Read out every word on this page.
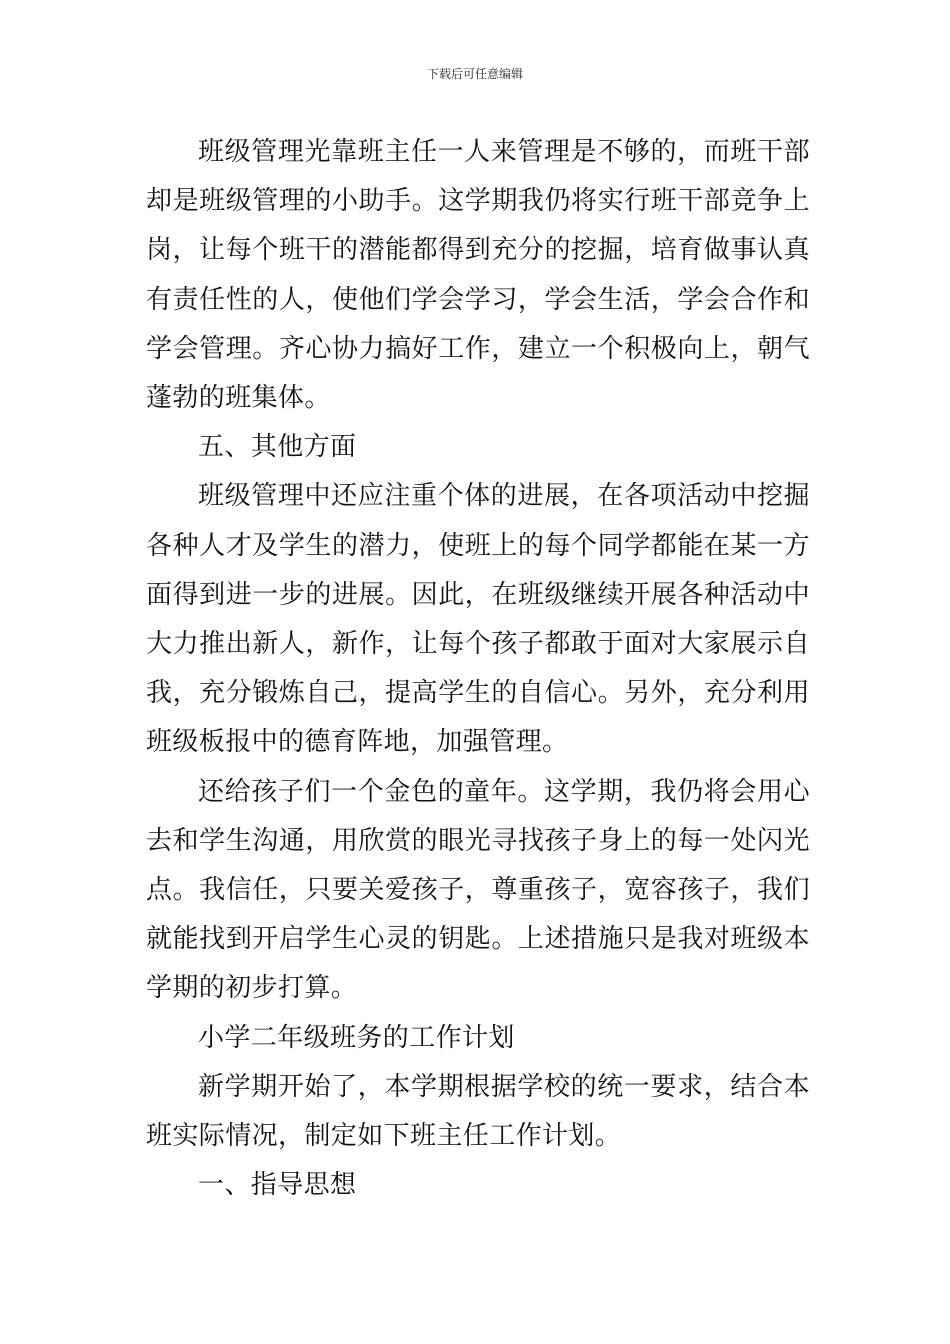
下载后可任意编辑

班级管理光靠班主任一人来管理是不够的，而班干部却是班级管理的小助手。这学期我仍将实行班干部竞争上岗，让每个班干的潜能都得到充分的挖掘，培育做事认真有责任性的人，使他们学会学习，学会生活，学会合作和学会管理。齐心协力搞好工作，建立一个积极向上，朝气蓬勃的班集体。

五、其他方面

班级管理中还应注重个体的进展，在各项活动中挖掘各种人才及学生的潜力，使班上的每个同学都能在某一方面得到进一步的进展。因此，在班级继续开展各种活动中大力推出新人，新作，让每个孩子都敢于面对大家展示自我，充分锻炼自己，提高学生的自信心。另外，充分利用班级板报中的德育阵地，加强管理。

还给孩子们一个金色的童年。这学期，我仍将会用心去和学生沟通，用欣赏的眼光寻找孩子身上的每一处闪光点。我信任，只要关爱孩子，尊重孩子，宽容孩子，我们就能找到开启学生心灵的钥匙。上述措施只是我对班级本学期的初步打算。

小学二年级班务的工作计划

新学期开始了，本学期根据学校的统一要求，结合本班实际情况，制定如下班主任工作计划。

一、指导思想
